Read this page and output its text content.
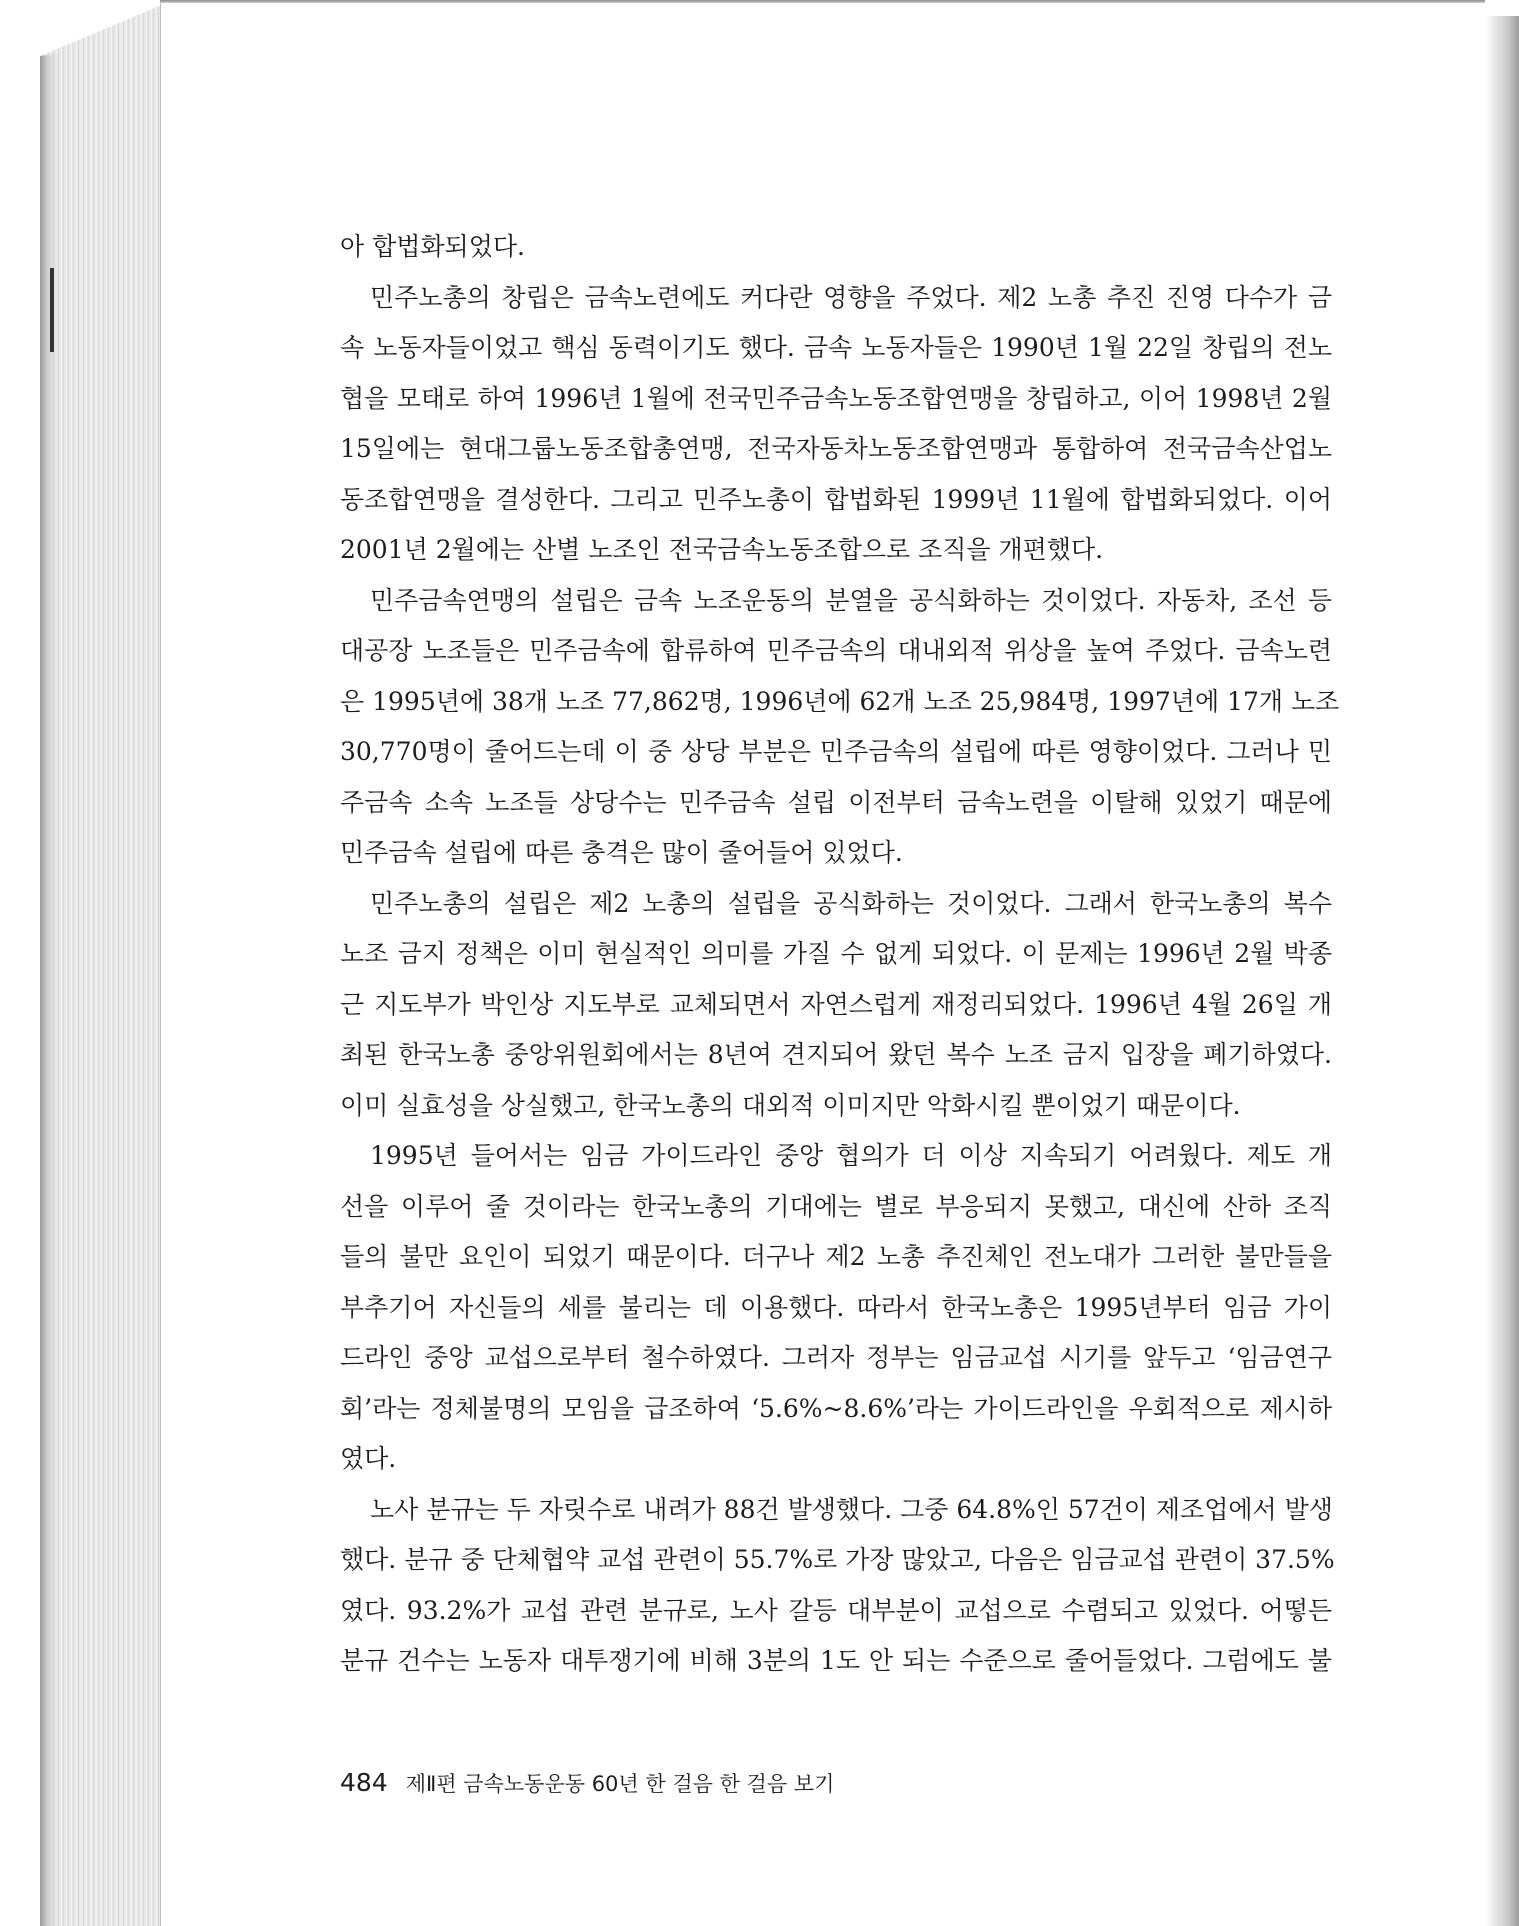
아 합법화되었다.
민주노총의 창립은 금속노련에도 커다란 영향을 주었다. 제2 노총 추진 진영 다수가 금
속 노동자들이었고 핵심 동력이기도 했다. 금속 노동자들은 1990년 1월 22일 창립의 전노
협을 모태로 하여 1996년 1월에 전국민주금속노동조합연맹을 창립하고, 이어 1998년 2월
15일에는 현대그룹노동조합총연맹, 전국자동차노동조합연맹과 통합하여 전국금속산업노
동조합연맹을 결성한다. 그리고 민주노총이 합법화된 1999년 11월에 합법화되었다. 이어
2001년 2월에는 산별 노조인 전국금속노동조합으로 조직을 개편했다.
민주금속연맹의 설립은 금속 노조운동의 분열을 공식화하는 것이었다. 자동차, 조선 등
대공장 노조들은 민주금속에 합류하여 민주금속의 대내외적 위상을 높여 주었다. 금속노련
은 1995년에 38개 노조 77,862명, 1996년에 62개 노조 25,984명, 1997년에 17개 노조
30,770명이 줄어드는데 이 중 상당 부분은 민주금속의 설립에 따른 영향이었다. 그러나 민
주금속 소속 노조들 상당수는 민주금속 설립 이전부터 금속노련을 이탈해 있었기 때문에
민주금속 설립에 따른 충격은 많이 줄어들어 있었다.
민주노총의 설립은 제2 노총의 설립을 공식화하는 것이었다. 그래서 한국노총의 복수
노조 금지 정책은 이미 현실적인 의미를 가질 수 없게 되었다. 이 문제는 1996년 2월 박종
근 지도부가 박인상 지도부로 교체되면서 자연스럽게 재정리되었다. 1996년 4월 26일 개
최된 한국노총 중앙위원회에서는 8년여 견지되어 왔던 복수 노조 금지 입장을 폐기하였다.
이미 실효성을 상실했고, 한국노총의 대외적 이미지만 악화시킬 뿐이었기 때문이다.
1995년 들어서는 임금 가이드라인 중앙 협의가 더 이상 지속되기 어려웠다. 제도 개
선을 이루어 줄 것이라는 한국노총의 기대에는 별로 부응되지 못했고, 대신에 산하 조직
들의 불만 요인이 되었기 때문이다. 더구나 제2 노총 추진체인 전노대가 그러한 불만들을
부추기어 자신들의 세를 불리는 데 이용했다. 따라서 한국노총은 1995년부터 임금 가이
드라인 중앙 교섭으로부터 철수하였다. 그러자 정부는 임금교섭 시기를 앞두고 ‘임금연구
회’라는 정체불명의 모임을 급조하여 ‘5.6%~8.6%’라는 가이드라인을 우회적으로 제시하
였다.
노사 분규는 두 자릿수로 내려가 88건 발생했다. 그중 64.8%인 57건이 제조업에서 발생
했다. 분규 중 단체협약 교섭 관련이 55.7%로 가장 많았고, 다음은 임금교섭 관련이 37.5%
였다. 93.2%가 교섭 관련 분규로, 노사 갈등 대부분이 교섭으로 수렴되고 있었다. 어떻든
분규 건수는 노동자 대투쟁기에 비해 3분의 1도 안 되는 수준으로 줄어들었다. 그럼에도 불
484 제Ⅱ편 금속노동운동 60년 한 걸음 한 걸음 보기
